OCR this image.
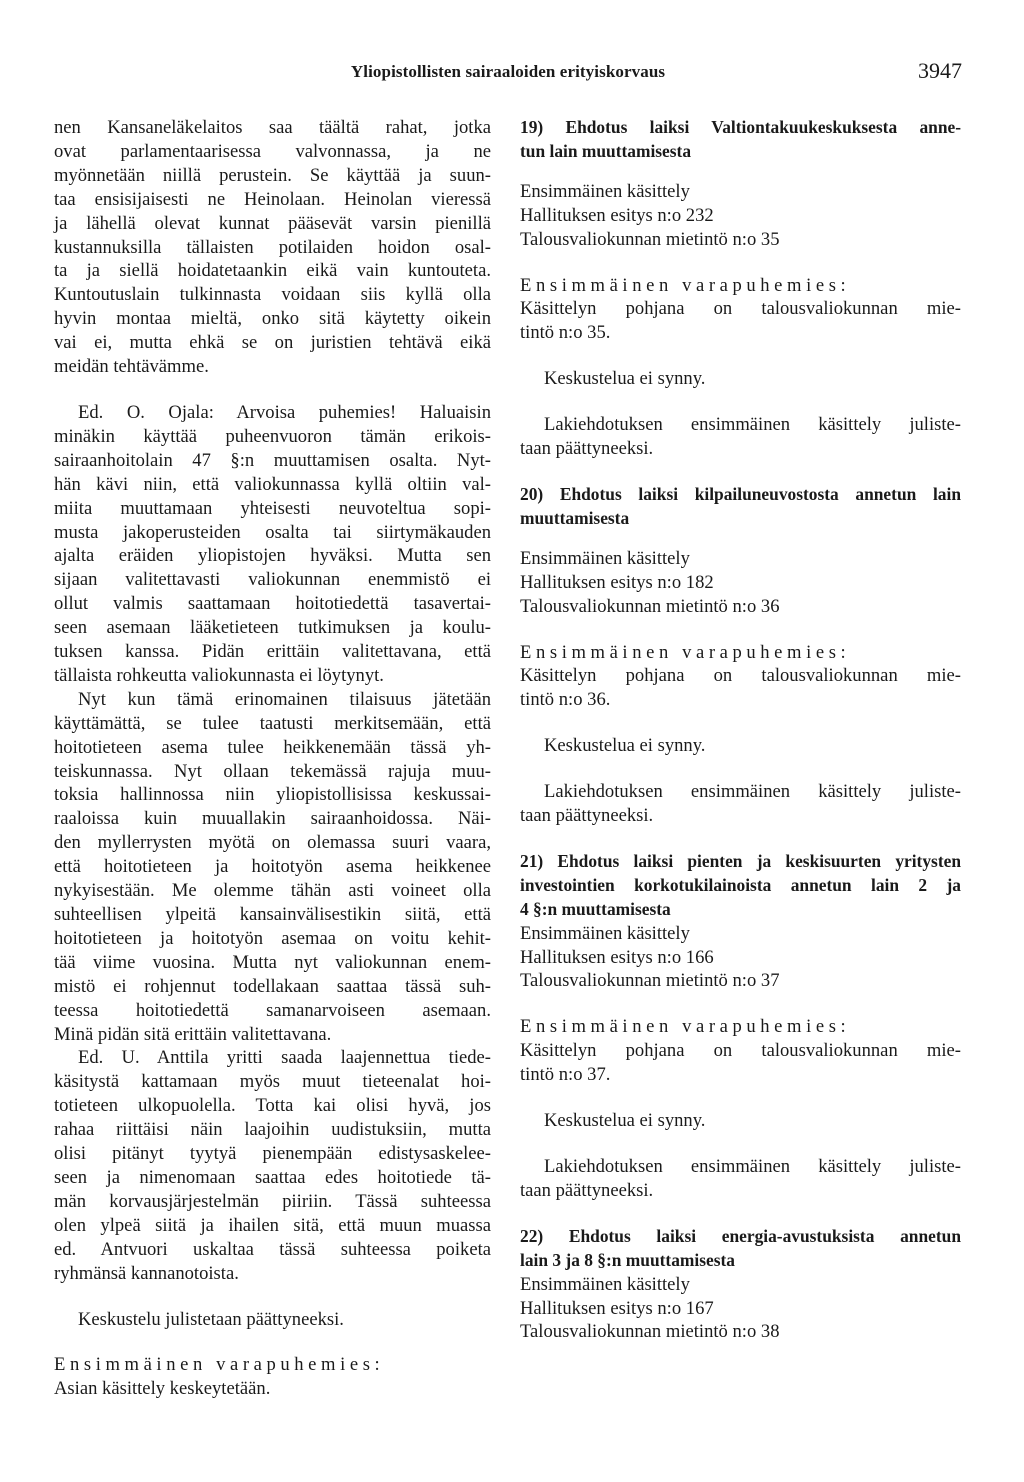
Yliopistollisten sairaaloiden erityiskorvaus	3947

nen Kansaneläkelaitos saa täältä rahat, jotka
ovat parlamentaarisessa valvonnassa, ja ne
myönnetään niillä perustein. Se käyttää ja suun-
taa ensisijaisesti ne Heinolaan. Heinolan vieressä
ja lähellä olevat kunnat pääsevät varsin pienillä
kustannuksilla tällaisten potilaiden hoidon osal-
ta ja siellä hoidatetaankin eikä vain kuntouteta.
Kuntoutuslain tulkinnasta voidaan siis kyllä olla
hyvin montaa mieltä, onko sitä käytetty oikein
vai ei, mutta ehkä se on juristien tehtävä eikä
meidän tehtävämme.

Ed. O. Ojala: Arvoisa puhemies! Haluaisin
minäkin käyttää puheenvuoron tämän erikois-
sairaanhoitolain 47 §:n muuttamisen osalta. Nyt-
hän kävi niin, että valiokunnassa kyllä oltiin val-
miita muuttamaan yhteisesti neuvoteltua sopi-
musta jakoperusteiden osalta tai siirtymäkauden
ajalta eräiden yliopistojen hyväksi. Mutta sen
sijaan valitettavasti valiokunnan enemmistö ei
ollut valmis saattamaan hoitotiedettä tasavertai-
seen asemaan lääketieteen tutkimuksen ja koulu-
tuksen kanssa. Pidän erittäin valitettavana, että
tällaista rohkeutta valiokunnasta ei löytynyt.

Nyt kun tämä erinomainen tilaisuus jätetään
käyttämättä, se tulee taatusti merkitsemään, että
hoitotieteen asema tulee heikkenemään tässä yh-
teiskunnassa. Nyt ollaan tekemässä rajuja muu-
toksia hallinnossa niin yliopistollisissa keskussai-
raaloissa kuin muuallakin sairaanhoidossa. Näi-
den myllerrysten myötä on olemassa suuri vaara,
että hoitotieteen ja hoitotyön asema heikkenee
nykyisestään. Me olemme tähän asti voineet olla
suhteellisen ylpeitä kansainvälisestikin siitä, että
hoitotieteen ja hoitotyön asemaa on voitu kehit-
tää viime vuosina. Mutta nyt valiokunnan enem-
mistö ei rohjennut todellakaan saattaa tässä suh-
teessa hoitotiedettä samanarvoiseen asemaan.
Minä pidän sitä erittäin valitettavana.

Ed. U. Anttila yritti saada laajennettua tiede-
käsitystä kattamaan myös muut tieteenalat hoi-
totieteen ulkopuolella. Totta kai olisi hyvä, jos
rahaa riittäisi näin laajoihin uudistuksiin, mutta
olisi pitänyt tyytyä pienempään edistysaskelee-
seen ja nimenomaan saattaa edes hoitotiede tä-
män korvausjärjestelmän piiriin. Tässä suhteessa
olen ylpeä siitä ja ihailen sitä, että muun muassa
ed. Antvuori uskaltaa tässä suhteessa poiketa
ryhmänsä kannanotoista.

Keskustelu julistetaan päättyneeksi.

Ensimmäinen varapuhemies:
Asian käsittely keskeytetään.

19) Ehdotus laiksi Valtiontakuukeskuksesta anne-
tun lain muuttamisesta
Ensimmäinen käsittely
Hallituksen esitys n:o 232
Talousvaliokunnan mietintö n:o 35
Ensimmäinen varapuhemies:
Käsittelyn pohjana on talousvaliokunnan mie-
tintö n:o 35.
Keskustelua ei synny.
Lakiehdotuksen ensimmäinen käsittely juliste-
taan päättyneeksi.
20) Ehdotus laiksi kilpailuneuvostosta annetun lain
muuttamisesta
Ensimmäinen käsittely
Hallituksen esitys n:o 182
Talousvaliokunnan mietintö n:o 36
Ensimmäinen varapuhemies:
Käsittelyn pohjana on talousvaliokunnan mie-
tintö n:o 36.
Keskustelua ei synny.
Lakiehdotuksen ensimmäinen käsittely juliste-
taan päättyneeksi.
21) Ehdotus laiksi pienten ja keskisuurten yritysten
investointien korkotukilainoista annetun lain 2 ja
4 §:n muuttamisesta
Ensimmäinen käsittely
Hallituksen esitys n:o 166
Talousvaliokunnan mietintö n:o 37
Ensimmäinen varapuhemies:
Käsittelyn pohjana on talousvaliokunnan mie-
tintö n:o 37.
Keskustelua ei synny.
Lakiehdotuksen ensimmäinen käsittely juliste-
taan päättyneeksi.
22) Ehdotus laiksi energia-avustuksista annetun
lain 3 ja 8 §:n muuttamisesta
Ensimmäinen käsittely
Hallituksen esitys n:o 167
Talousvaliokunnan mietintö n:o 38
